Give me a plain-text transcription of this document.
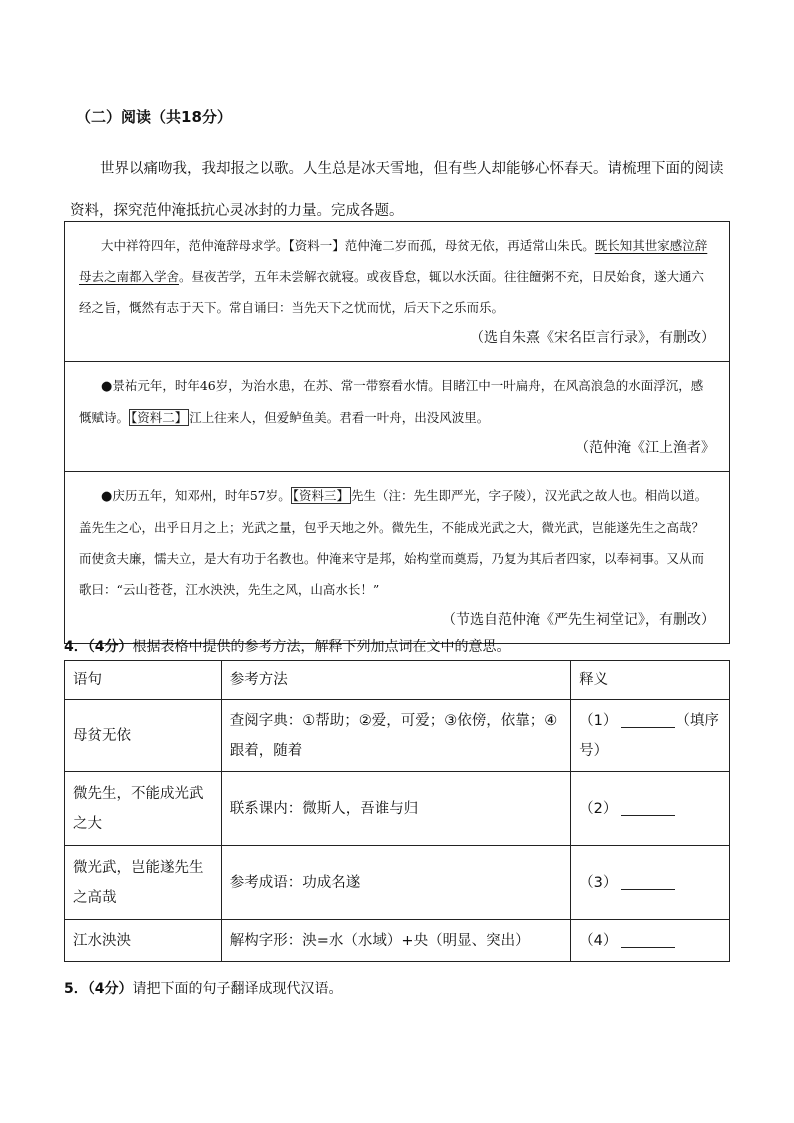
（二）阅读（共18分）
世界以痛吻我，我却报之以歌。人生总是冰天雪地，但有些人却能够心怀春天。请梳理下面的阅读资料，探究范仲淹抵抗心灵冰封的力量。完成各题。
大中祥符四年，范仲淹辞母求学。【资料一】范仲淹二岁而孤，母贫无依，再适常山朱氏。既长知其世家感泣辞母去之南都入学舍。昼夜苦学，五年未尝解衣就寝。或夜昏怠，辄以水沃面。往往饘粥不充，日昃始食，遂大通六经之旨，慨然有志于天下。常自诵曰：当先天下之忧而忧，后天下之乐而乐。
（选自朱熹《宋名臣言行录》，有删改）
●景祐元年，时年46岁，为治水患，在苏、常一带察看水情。目睹江中一叶扁舟，在风高浪急的水面浮沉，感慨赋诗。 【资料二】 江上往来人，但爱鲈鱼美。君看一叶舟，出没风波里。
（范仲淹《江上渔者》
●庆历五年，知邓州，时年57岁。 【资料三】 先生（注：先生即严光，字子陵），汉光武之故人也。相尚以道。盖先生之心，出乎日月之上；光武之量，包乎天地之外。微先生，不能成光武之大，微光武，岂能遂先生之高哉？而使贪夫廉，懦夫立，是大有功于名教也。仲淹来守是邦，始构堂而奠焉，乃复为其后者四家，以奉祠事。又从而歌曰：“云山苍苍，江水泱泱，先生之风，山高水长！”
（节选自范仲淹《严先生祠堂记》，有删改）
4．（4分）根据表格中提供的参考方法，解释下列加点词在文中的意思。
语句	参考方法	释义
母贫无依	查阅字典：①帮助；②爱，可爱；③依傍，依靠；④跟着，随着	（1） （填序号）
微先生，不能成光武之大	联系课内：微斯人，吾谁与归	（2）
微光武，岂能遂先生之高哉	参考成语：功成名遂	（3）
江水泱泱	解构字形：泱=水（水域）+央（明显、突出）	（4）
5．（4分）请把下面的句子翻译成现代汉语。
